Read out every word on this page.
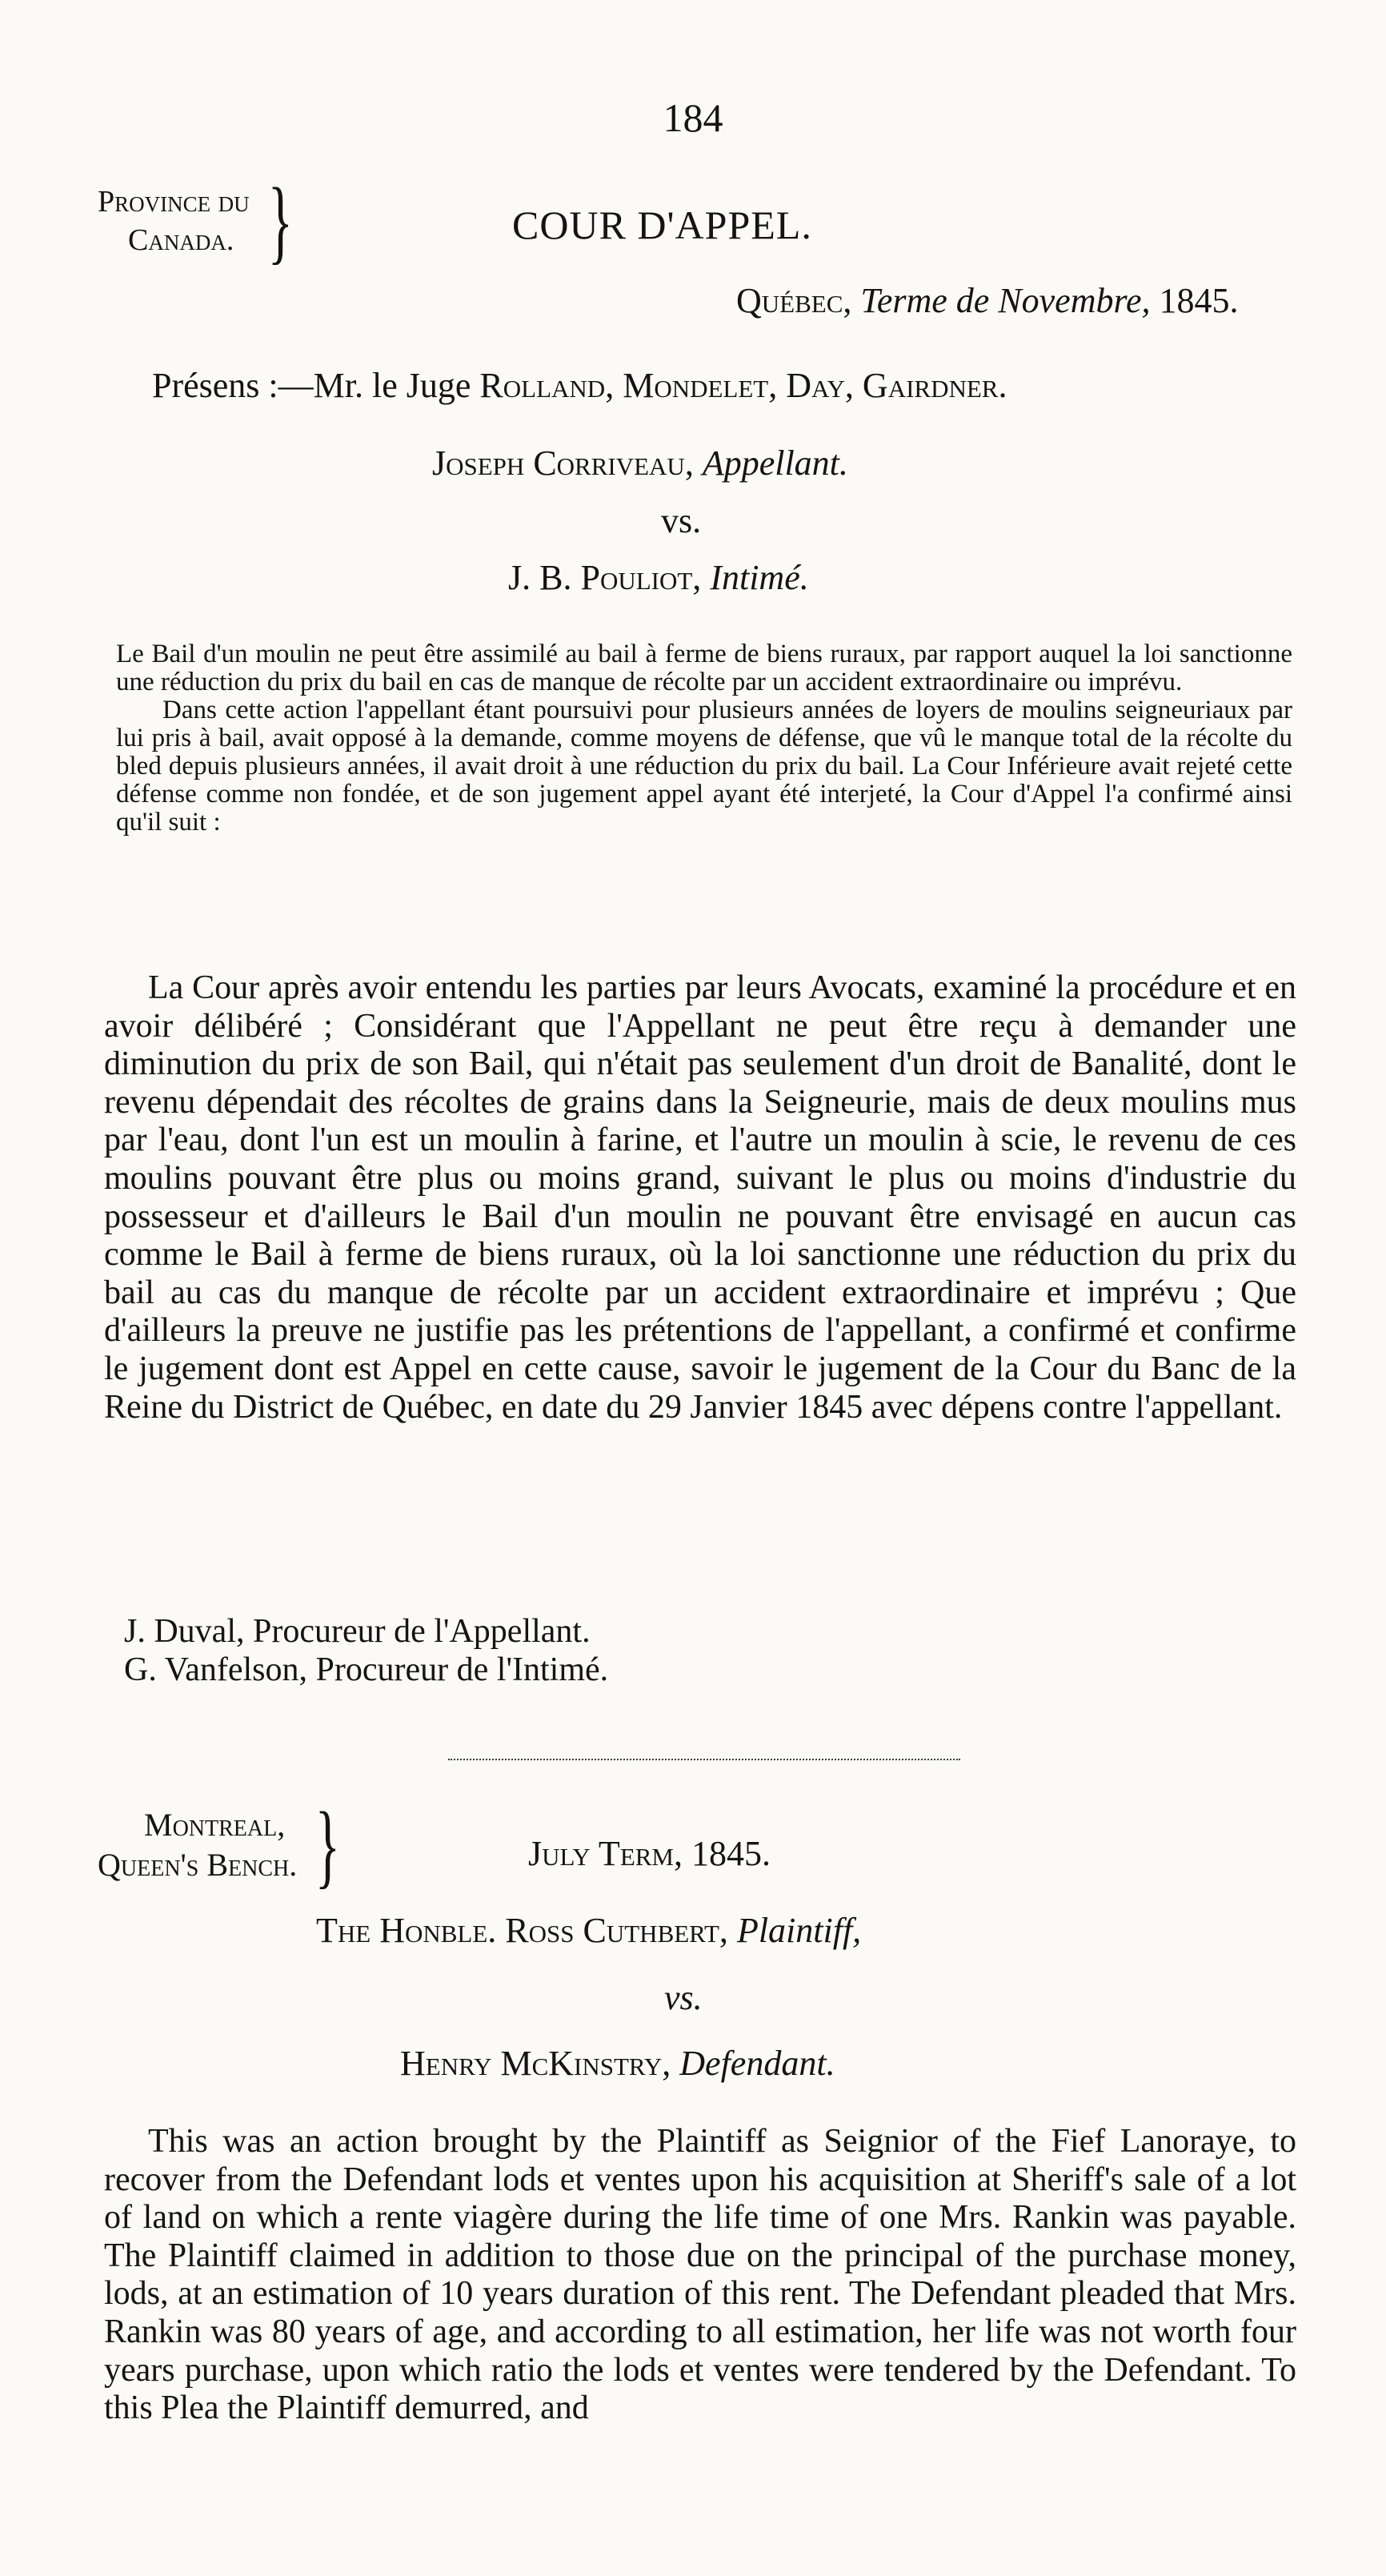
184
Province du
Canada. }	COUR D'APPEL.
Québec, Terme de Novembre, 1845.
Présens :—Mr. le Juge Rolland, Mondelet, Day, Gairdner.
Joseph Corriveau, Appellant.
vs.
J. B. Pouliot, Intimé.

Le Bail d'un moulin ne peut être assimilé au bail à ferme de biens ruraux, par rapport auquel la loi sanctionne une réduction du prix du bail en cas de manque de récolte par un accident extraordinaire ou imprévu.

Dans cette action l'appellant étant poursuivi pour plusieurs années de loyers de moulins seigneuriaux par lui pris à bail, avait opposé à la demande, comme moyens de défense, que vû le manque total de la récolte du bled depuis plusieurs années, il avait droit à une réduction du prix du bail. La Cour Inférieure avait rejeté cette défense comme non fondée, et de son jugement appel ayant été interjeté, la Cour d'Appel l'a confirmé ainsi qu'il suit :

La Cour après avoir entendu les parties par leurs Avocats, examiné la procédure et en avoir délibéré ; Considérant que l'Appellant ne peut être reçu à demander une diminution du prix de son Bail, qui n'était pas seulement d'un droit de Banalité, dont le revenu dépendait des récoltes de grains dans la Seigneurie, mais de deux moulins mus par l'eau, dont l'un est un moulin à farine, et l'autre un moulin à scie, le revenu de ces moulins pouvant être plus ou moins grand, suivant le plus ou moins d'industrie du possesseur et d'ailleurs le Bail d'un moulin ne pouvant être envisagé en aucun cas comme le Bail à ferme de biens ruraux, où la loi sanctionne une réduction du prix du bail au cas du manque de récolte par un accident extraordinaire et imprévu ; Que d'ailleurs la preuve ne justifie pas les prétentions de l'appellant, a confirmé et confirme le jugement dont est Appel en cette cause, savoir le jugement de la Cour du Banc de la Reine du District de Québec, en date du 29 Janvier 1845 avec dépens contre l'appellant.

J. Duval, Procureur de l'Appellant.
G. Vanfelson, Procureur de l'Intimé.
Montreal,
Queen's Bench. }	July Term, 1845.
The Honble. Ross Cuthbert, Plaintiff,
vs.
Henry McKinstry, Defendant.

This was an action brought by the Plaintiff as Seignior of the Fief Lanoraye, to recover from the Defendant lods et ventes upon his acquisition at Sheriff's sale of a lot of land on which a rente viagère during the life time of one Mrs. Rankin was payable. The Plaintiff claimed in addition to those due on the principal of the purchase money, lods, at an estimation of 10 years duration of this rent. The Defendant pleaded that Mrs. Rankin was 80 years of age, and according to all estimation, her life was not worth four years purchase, upon which ratio the lods et ventes were tendered by the Defendant. To this Plea the Plaintiff demurred, and
